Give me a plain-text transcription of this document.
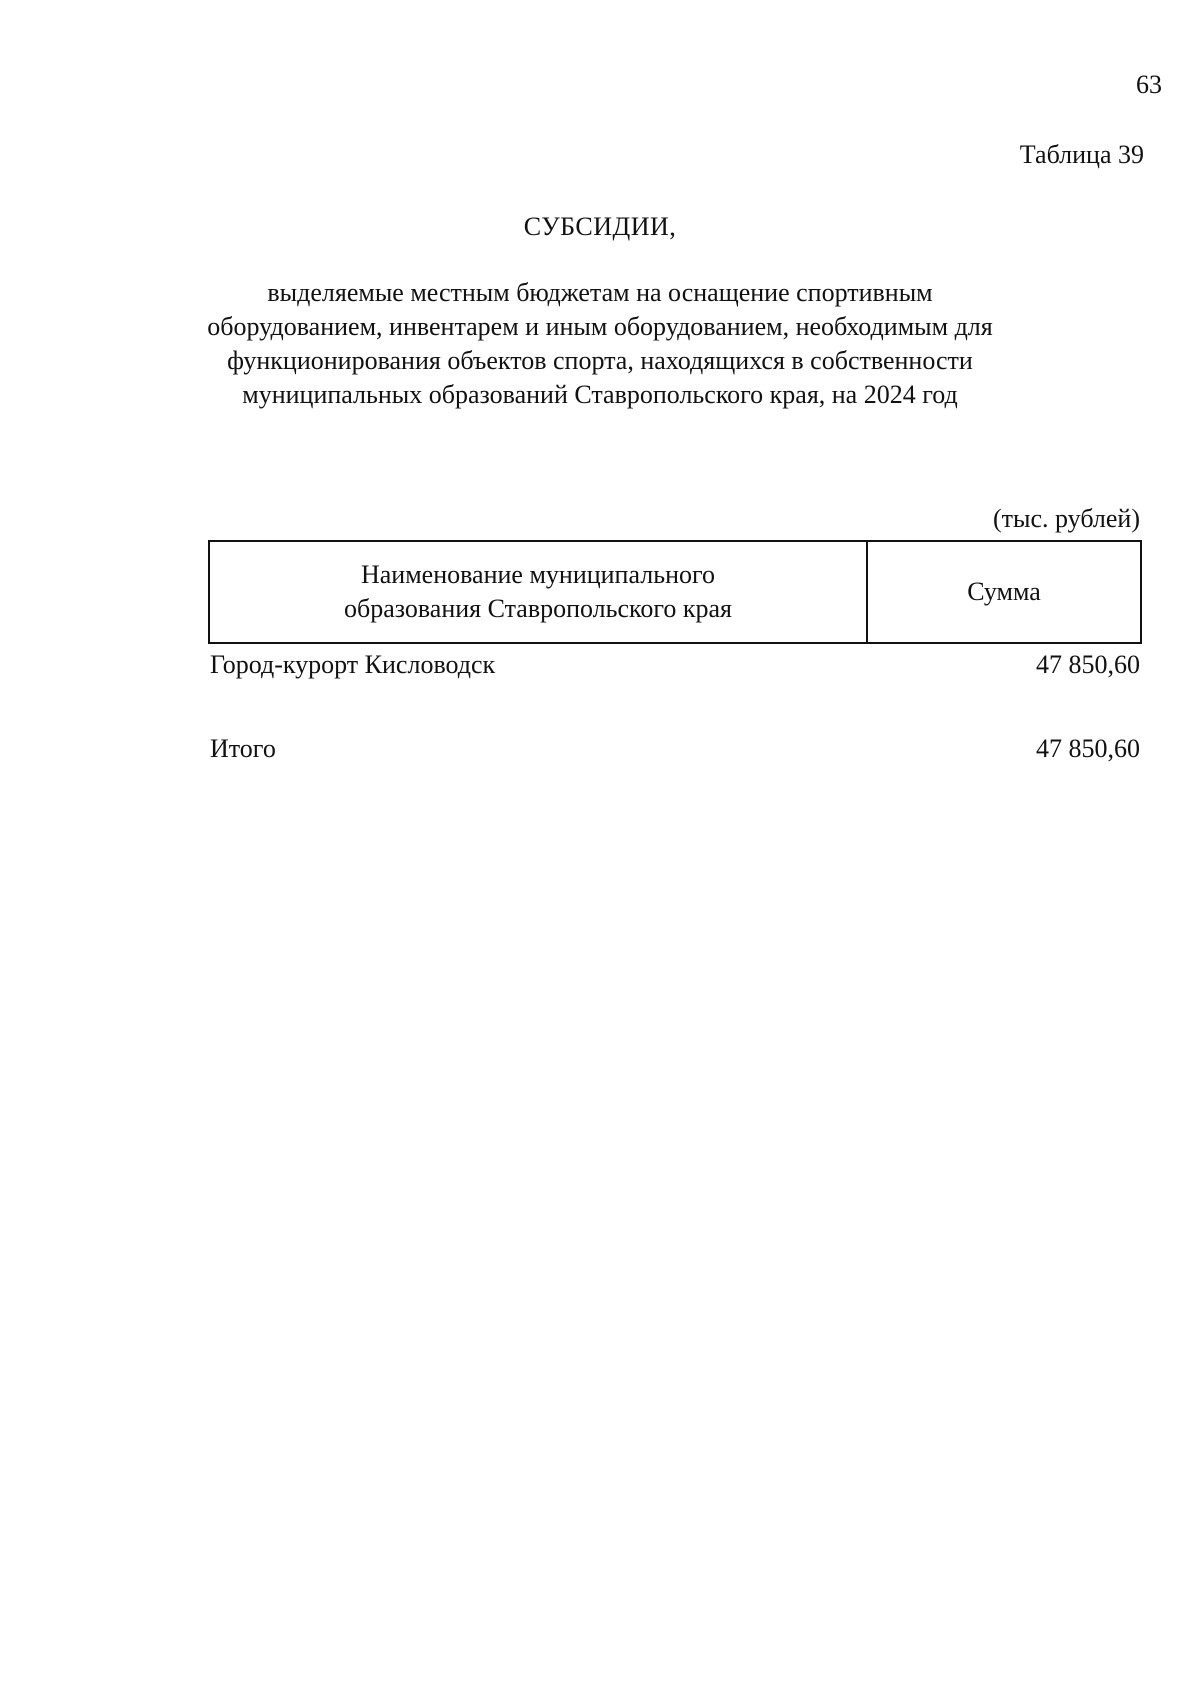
63
Таблица 39
СУБСИДИИ,
выделяемые местным бюджетам на оснащение спортивным
оборудованием, инвентарем и иным оборудованием, необходимым для
функционирования объектов спорта, находящихся в собственности
муниципальных образований Ставропольского края, на 2024 год
(тыс. рублей)
Наименование муниципального
образования Ставропольского края
Сумма
Город-курорт Кисловодск	47 850,60
Итого	47 850,60
